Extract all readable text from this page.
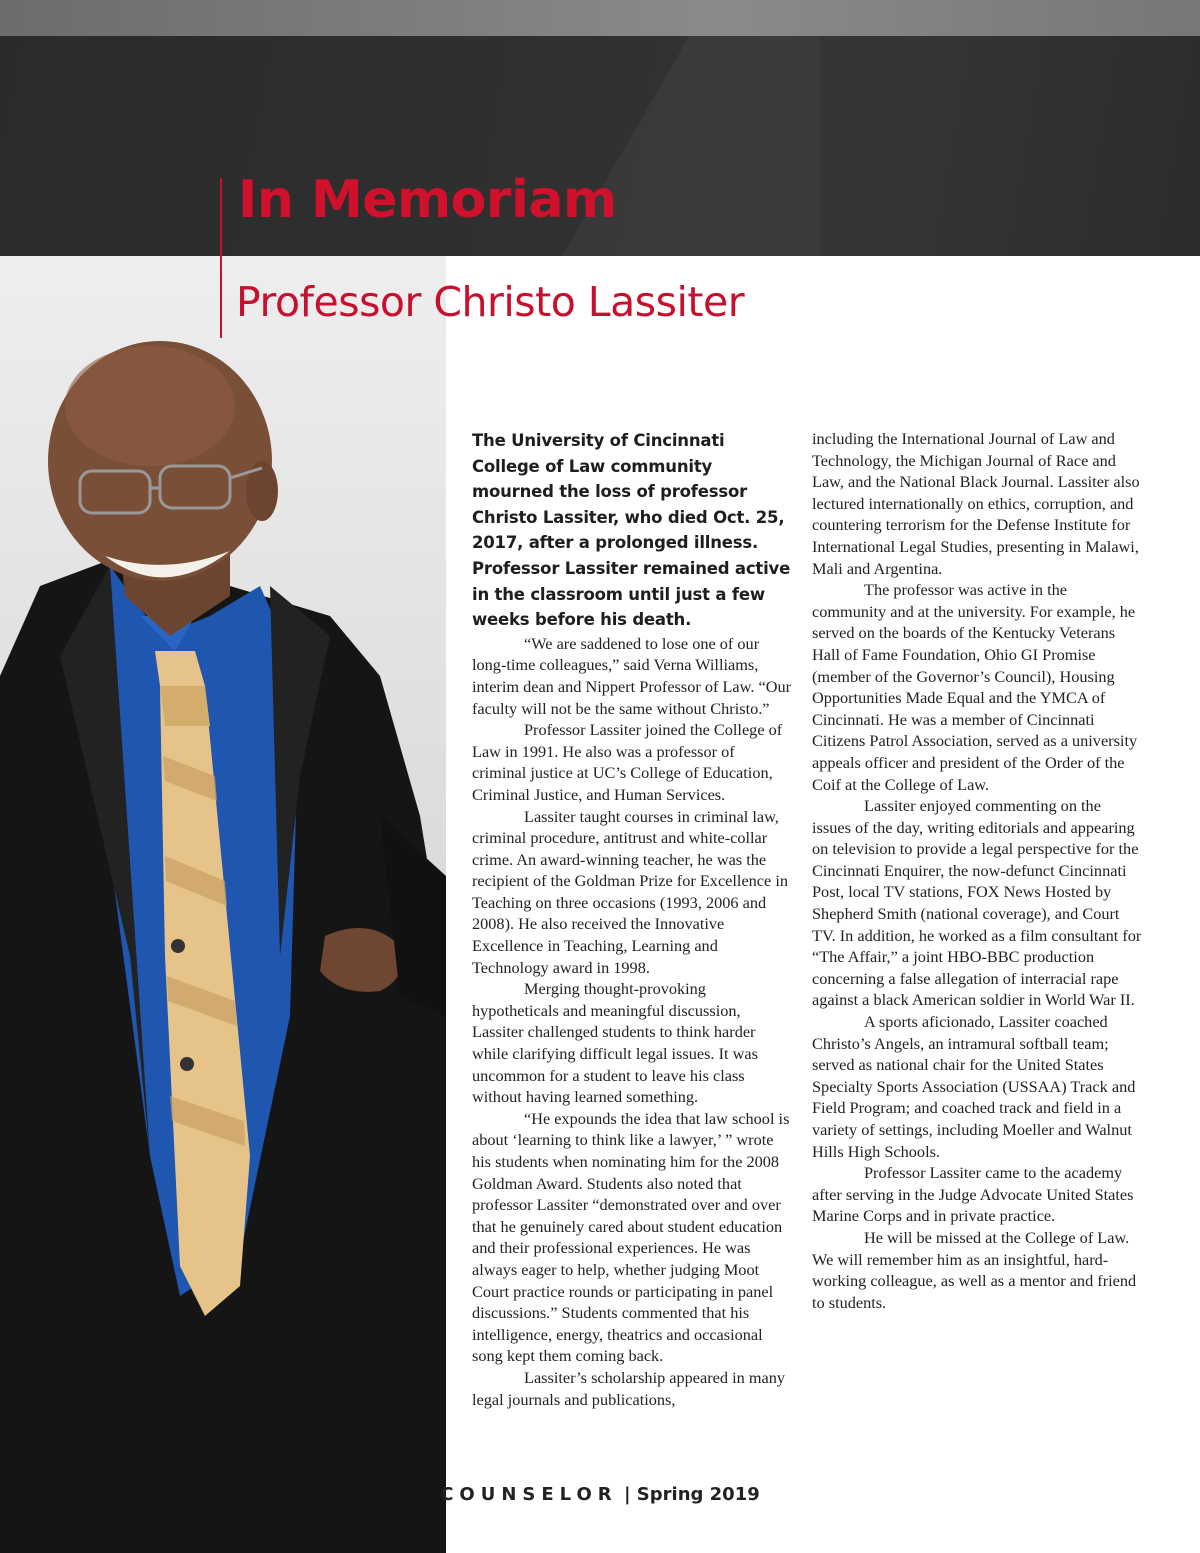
In Memoriam
Professor Christo Lassiter

The University of Cincinnati College of Law community mourned the loss of professor Christo Lassiter, who died Oct. 25, 2017, after a prolonged illness. Professor Lassiter remained active in the classroom until just a few weeks before his death.

“We are saddened to lose one of our long-time colleagues,” said Verna Williams, interim dean and Nippert Professor of Law. “Our faculty will not be the same without Christo.”

Professor Lassiter joined the College of Law in 1991. He also was a professor of criminal justice at UC’s College of Education, Criminal Justice, and Human Services.

Lassiter taught courses in criminal law, criminal procedure, antitrust and white-collar crime. An award-winning teacher, he was the recipient of the Goldman Prize for Excellence in Teaching on three occasions (1993, 2006 and 2008). He also received the Innovative Excellence in Teaching, Learning and Technology award in 1998.

Merging thought-provoking hypotheticals and meaningful discussion, Lassiter challenged students to think harder while clarifying difficult legal issues. It was uncommon for a student to leave his class without having learned something.

“He expounds the idea that law school is about ‘learning to think like a lawyer,’ ” wrote his students when nominating him for the 2008 Goldman Award. Students also noted that professor Lassiter “demonstrated over and over that he genuinely cared about student education and their professional experiences. He was always eager to help, whether judging Moot Court practice rounds or participating in panel discussions.” Students commented that his intelligence, energy, theatrics and occasional song kept them coming back.

Lassiter’s scholarship appeared in many legal journals and publications,

including the International Journal of Law and Technology, the Michigan Journal of Race and Law, and the National Black Journal. Lassiter also lectured internationally on ethics, corruption, and countering terrorism for the Defense Institute for International Legal Studies, presenting in Malawi, Mali and Argentina.

The professor was active in the community and at the university. For example, he served on the boards of the Kentucky Veterans Hall of Fame Foundation, Ohio GI Promise (member of the Governor’s Council), Housing Opportunities Made Equal and the YMCA of Cincinnati. He was a member of Cincinnati Citizens Patrol Association, served as a university appeals officer and president of the Order of the Coif at the College of Law.

Lassiter enjoyed commenting on the issues of the day, writing editorials and appearing on television to provide a legal perspective for the Cincinnati Enquirer, the now-defunct Cincinnati Post, local TV stations, FOX News Hosted by Shepherd Smith (national coverage), and Court TV. In addition, he worked as a film consultant for “The Affair,” a joint HBO-BBC production concerning a false allegation of interracial rape against a black American soldier in World War II.

A sports aficionado, Lassiter coached Christo’s Angels, an intramural softball team; served as national chair for the United States Specialty Sports Association (USSAA) Track and Field Program; and coached track and field in a variety of settings, including Moeller and Walnut Hills High Schools.

Professor Lassiter came to the academy after serving in the Judge Advocate United States Marine Corps and in private practice.

He will be missed at the College of Law. We will remember him as an insightful, hard-working colleague, as well as a mentor and friend to students.

COUNSELOR | Spring 2019
